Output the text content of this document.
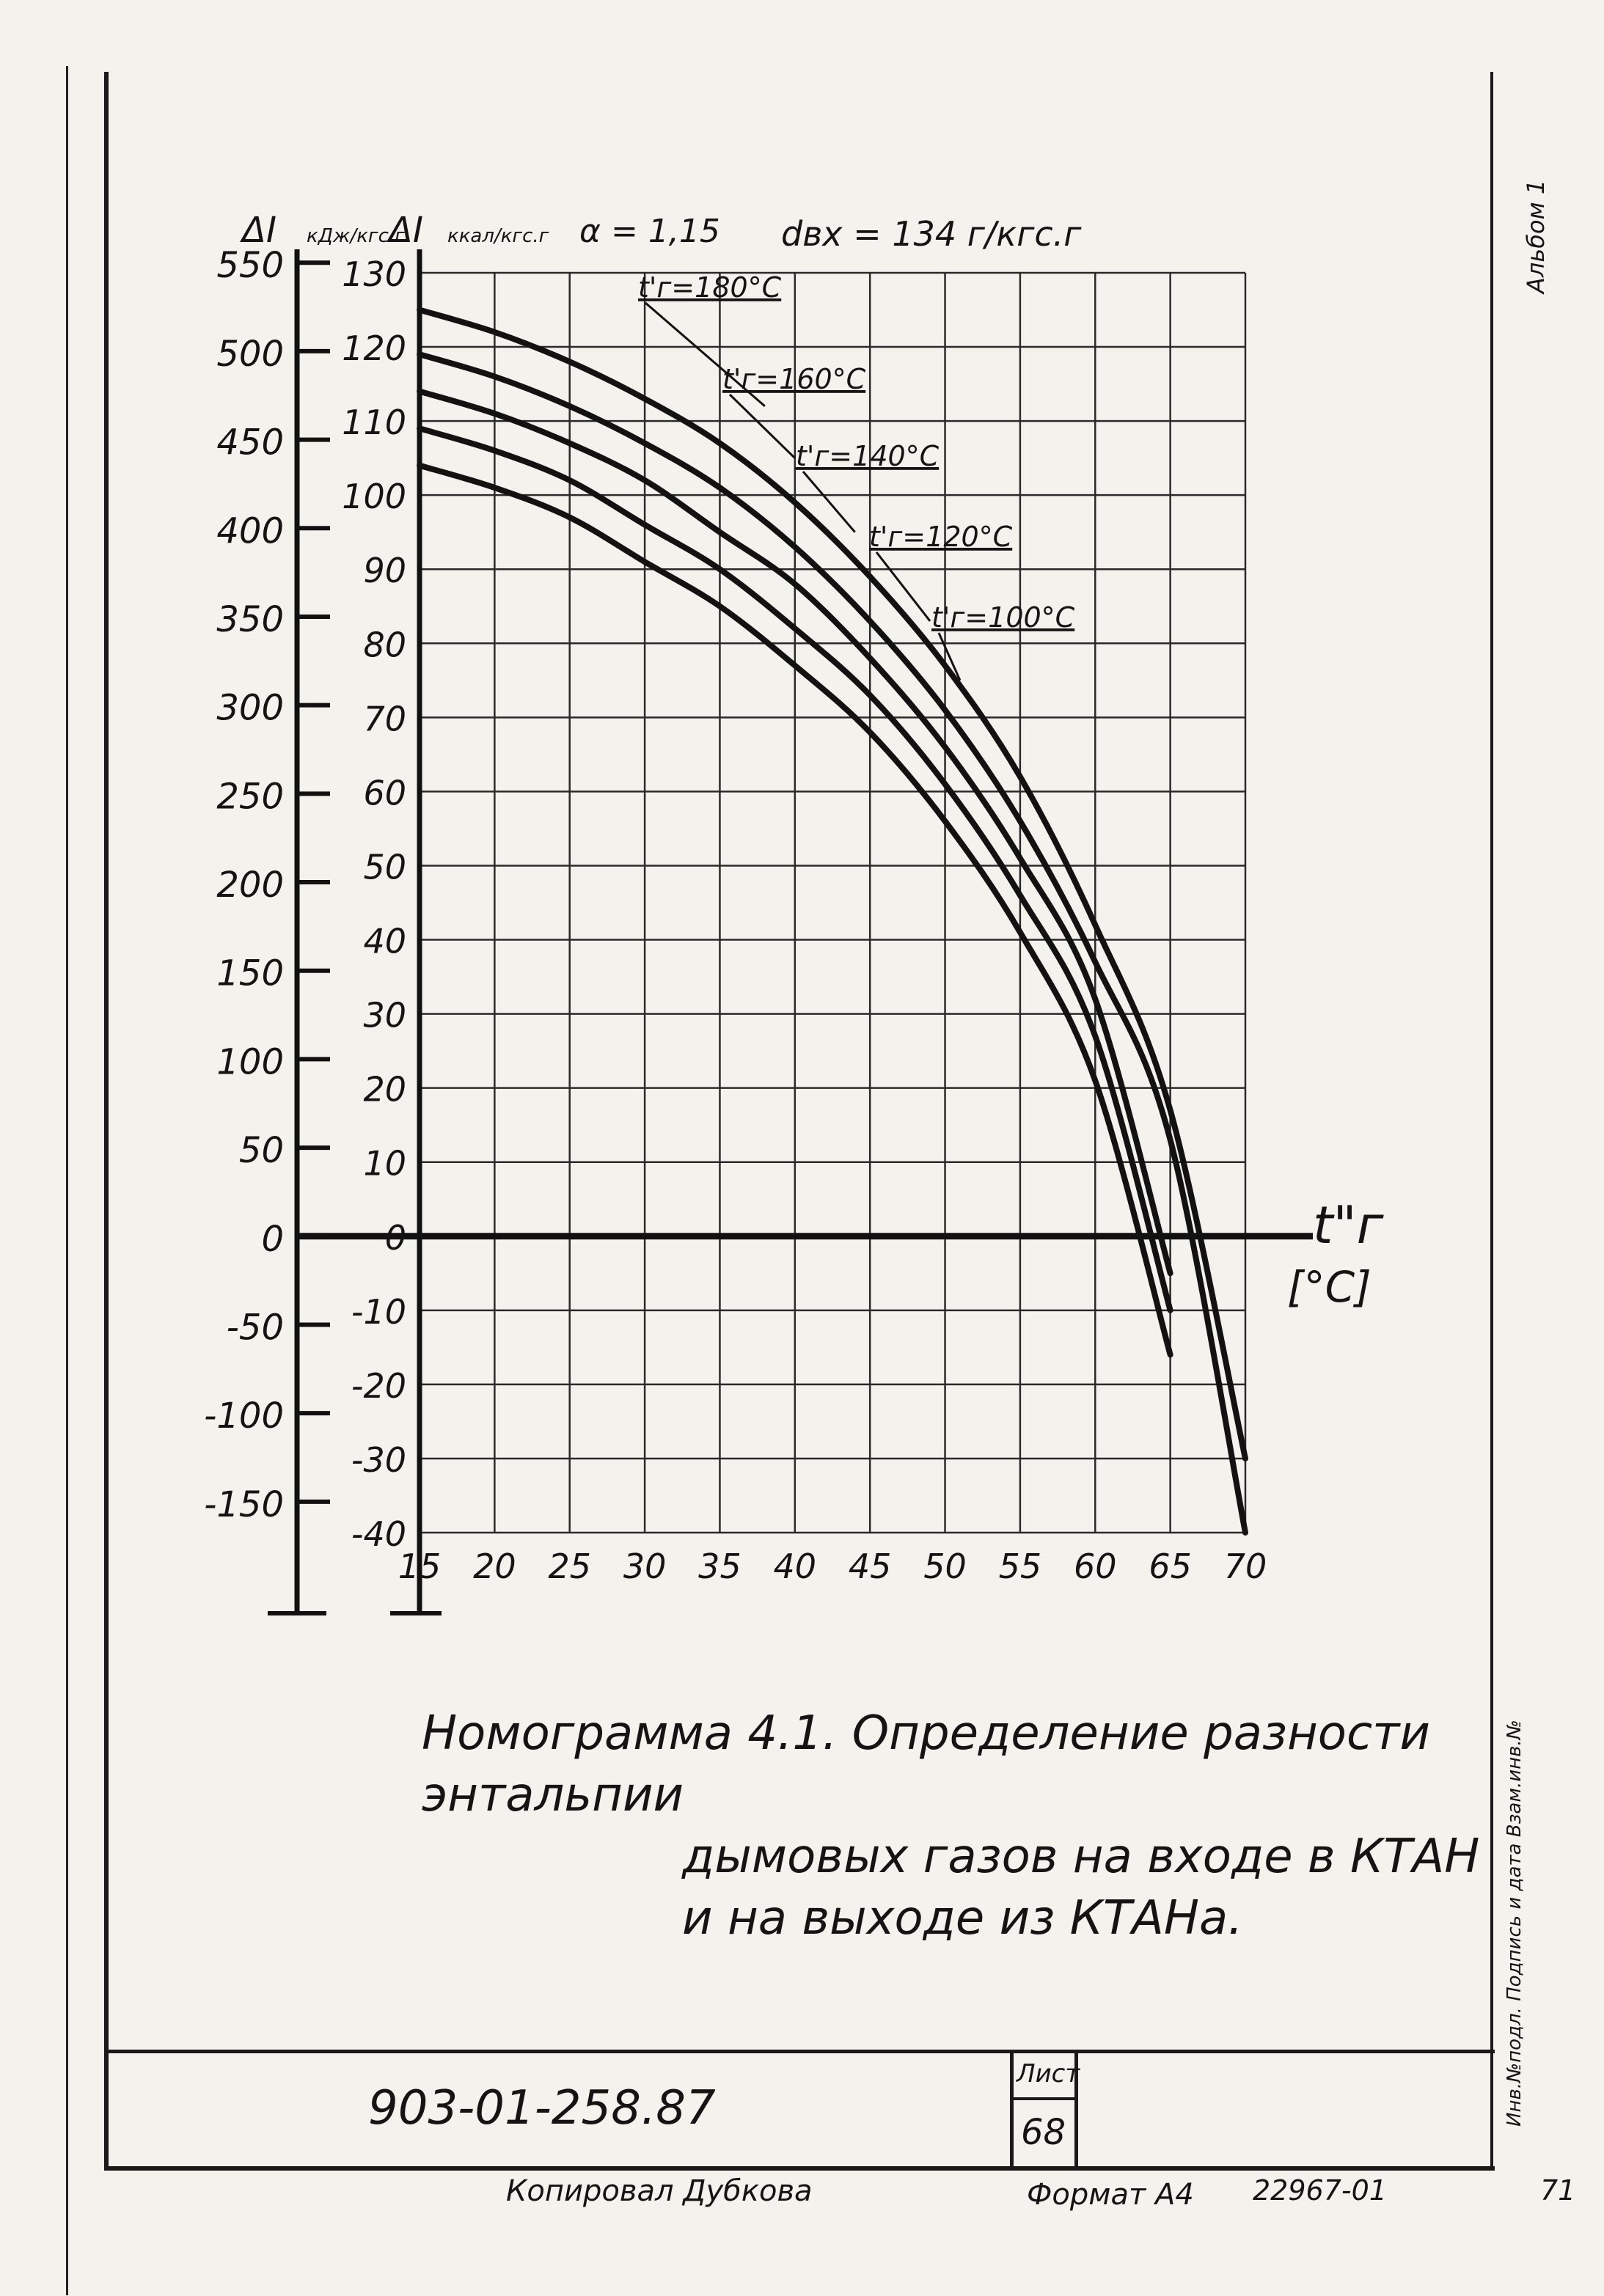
550
500
450
400
350
300
250
200
150
100
50
0
-50
-100
-150
130
120
110
100
90
80
70
60
50
40
30
20
10
0
-10
-20
-30
-40
15 20 25 30 35 40 45 50 55 60 65 70
ΔI кДж/кгс.г
ΔI ккал/кгс.г α = 1,15 dвх = 134 г/кгс.г
t"г
[°C]
t'г=180°C
t'г=160°C
t'г=140°C
t'г=120°C
t'г=100°C
Номограмма 4.1. Определение разности энтальпии
дымовых газов на входе в КТАН
и на выходе из КТАНа.
903-01-258.87
Лист
68
Копировал Дубкова	Формат А4 22967-01	71
Альбом 1
Инв.№подл. Подпись и дата Взам.инв.№
